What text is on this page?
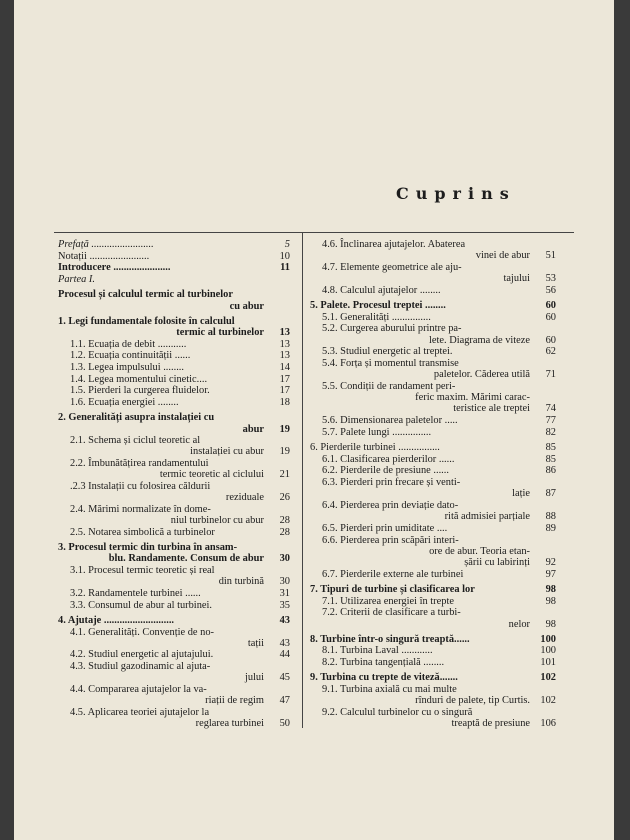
Cuprins
Prefață ........................	5
Notații .......................	10
Introducere ......................	11
Partea I.
Procesul și calculul termic al turbinelor
cu abur
1. Legi fundamentale folosite în calculul
termic al turbinelor	13
1.1. Ecuația de debit ...........	13
1.2. Ecuația continuității ......	13
1.3. Legea impulsului ........	14
1.4. Legea momentului cinetic....	17
1.5. Pierderi la curgerea fluidelor.	17
1.6. Ecuația energiei ........	18
2. Generalități asupra instalației cu
abur	19
2.1. Schema și ciclul teoretic al
instalației cu abur	19
2.2. Îmbunătățirea randamentului
termic teoretic al ciclului	21
.2.3 Instalații cu folosirea căldurii
reziduale	26
2.4. Mărimi normalizate în dome-
niul turbinelor cu abur	28
2.5. Notarea simbolică a turbinelor	28
3. Procesul termic din turbina în ansam-
blu. Randamente. Consum de abur	30
3.1. Procesul termic teoretic și real
din turbină	30
3.2. Randamentele turbinei ......	31
3.3. Consumul de abur al turbinei.	35
4. Ajutaje ...........................	43
4.1. Generalități. Convenție de no-
tații	43
4.2. Studiul energetic al ajutajului.	44
4.3. Studiul gazodinamic al ajuta-
jului	45
4.4. Compararea ajutajelor la va-
riații de regim	47
4.5. Aplicarea teoriei ajutajelor la
reglarea turbinei	50
4.6. Înclinarea ajutajelor. Abaterea
vinei de abur	51
4.7. Elemente geometrice ale aju-
tajului	53
4.8. Calculul ajutajelor ........	56
5. Palete. Procesul treptei ........	60
5.1. Generalități ...............	60
5.2. Curgerea aburului printre pa-
lete. Diagrama de viteze	60
5.3. Studiul energetic al treptei.	62
5.4. Forța și momentul transmise
paletelor. Căderea utilă	71
5.5. Condiții de randament peri-
feric maxim. Mărimi carac-
teristice ale treptei	74
5.6. Dimensionarea paletelor .....	77
5.7. Palete lungi ...............	82
6. Pierderile turbinei ................	85
6.1. Clasificarea pierderilor ......	85
6.2. Pierderile de presiune ......	86
6.3. Pierderi prin frecare și venti-
lație	87
6.4. Pierderea prin deviație dato-
rită admisiei parțiale	88
6.5. Pierderi prin umiditate ....	89
6.6. Pierderea prin scăpări interi-
ore de abur. Teoria etan-
șării cu labirinți	92
6.7. Pierderile externe ale turbinei	97
7. Tipuri de turbine și clasificarea lor	98
7.1. Utilizarea energiei în trepte	98
7.2. Criterii de clasificare a turbi-
nelor	98
8. Turbine într-o singură treaptă......	100
8.1. Turbina Laval ............	100
8.2. Turbina tangențială ........	101
9. Turbina cu trepte de viteză.......	102
9.1. Turbina axială cu mai multe
rînduri de palete, tip Curtis.	102
9.2. Calculul turbinelor cu o singură
treaptă de presiune	106
